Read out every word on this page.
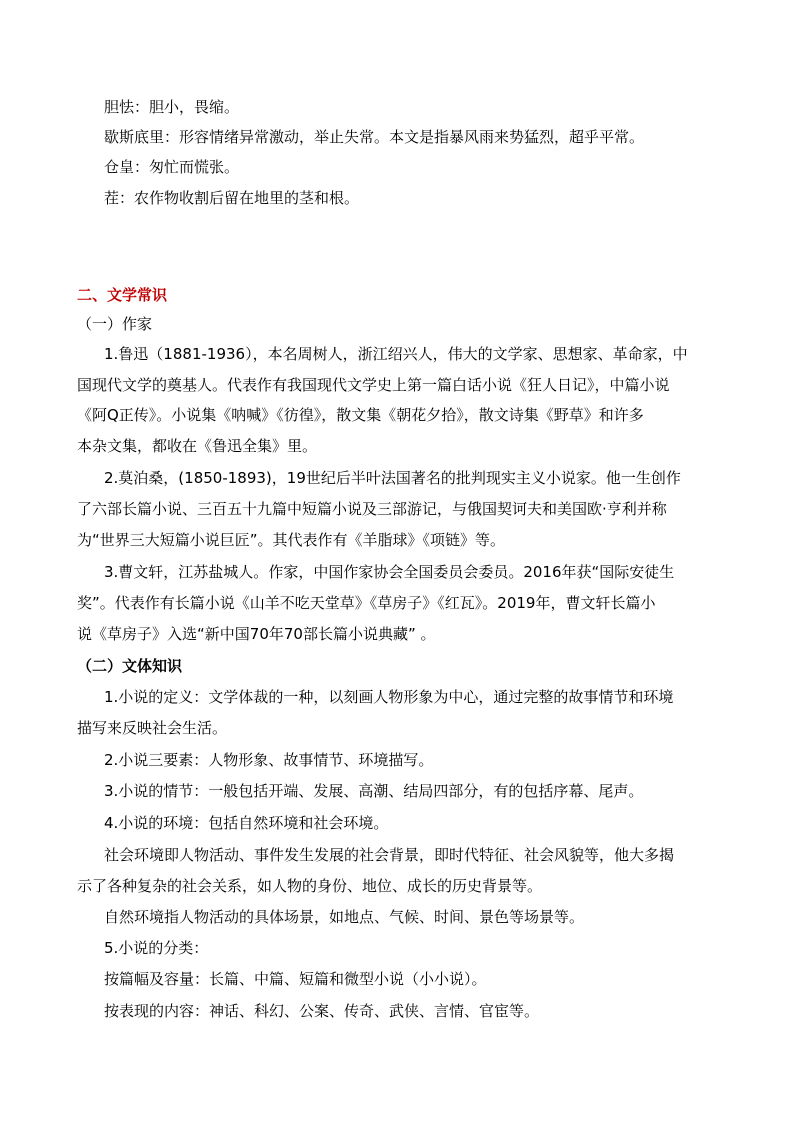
胆怯：胆小，畏缩。
歇斯底里：形容情绪异常激动，举止失常。本文是指暴风雨来势猛烈，超乎平常。
仓皇：匆忙而慌张。
茬：农作物收割后留在地里的茎和根。
二、文学常识
（一）作家
1.鲁迅（1881-1936），本名周树人，浙江绍兴人，伟大的文学家、思想家、革命家，中
国现代文学的奠基人。代表作有我国现代文学史上第一篇白话小说《狂人日记》，中篇小说
《阿Q正传》。小说集《呐喊》《彷徨》，散文集《朝花夕拾》，散文诗集《野草》和许多
本杂文集，都收在《鲁迅全集》里。
2.莫泊桑，(1850-1893)，19世纪后半叶法国著名的批判现实主义小说家。他一生创作
了六部长篇小说、三百五十九篇中短篇小说及三部游记，与俄国契诃夫和美国欧·亨利并称
为“世界三大短篇小说巨匠”。其代表作有《羊脂球》《项链》等。
3.曹文轩，江苏盐城人。作家，中国作家协会全国委员会委员。2016年获“国际安徒生
奖”。代表作有长篇小说《山羊不吃天堂草》《草房子》《红瓦》。2019年，曹文轩长篇小
说《草房子》入选“新中国70年70部长篇小说典藏” 。
（二）文体知识
1.小说的定义：文学体裁的一种，以刻画人物形象为中心，通过完整的故事情节和环境
描写来反映社会生活。
2.小说三要素：人物形象、故事情节、环境描写。
3.小说的情节：一般包括开端、发展、高潮、结局四部分，有的包括序幕、尾声。
4.小说的环境：包括自然环境和社会环境。
社会环境即人物活动、事件发生发展的社会背景，即时代特征、社会风貌等，他大多揭
示了各种复杂的社会关系，如人物的身份、地位、成长的历史背景等。
自然环境指人物活动的具体场景，如地点、气候、时间、景色等场景等。
5.小说的分类：
按篇幅及容量：长篇、中篇、短篇和微型小说（小小说）。
按表现的内容：神话、科幻、公案、传奇、武侠、言情、官宦等。
